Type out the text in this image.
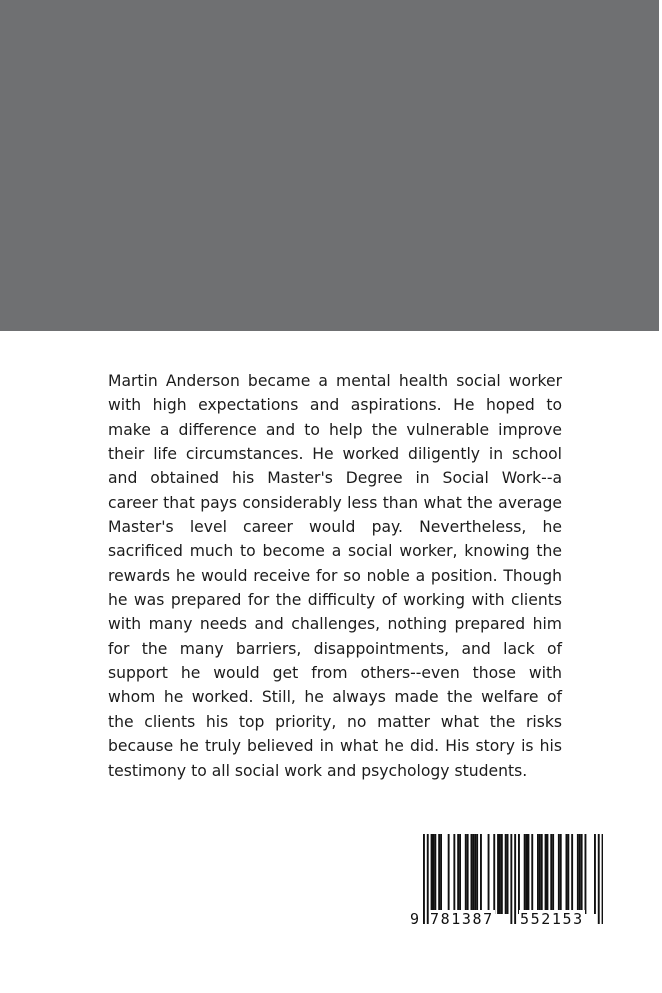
Martin Anderson became a mental health social worker
with high expectations and aspirations. He hoped to
make a difference and to help the vulnerable improve
their life circumstances. He worked diligently in school
and obtained his Master's Degree in Social Work--a
career that pays considerably less than what the average
Master's level career would pay. Nevertheless, he
sacrificed much to become a social worker, knowing the
rewards he would receive for so noble a position. Though
he was prepared for the difficulty of working with clients
with many needs and challenges, nothing prepared him
for the many barriers, disappointments, and lack of
support he would get from others--even those with
whom he worked. Still, he always made the welfare of
the clients his top priority, no matter what the risks
because he truly believed in what he did. His story is his
testimony to all social work and psychology students.
9 781387 552153
